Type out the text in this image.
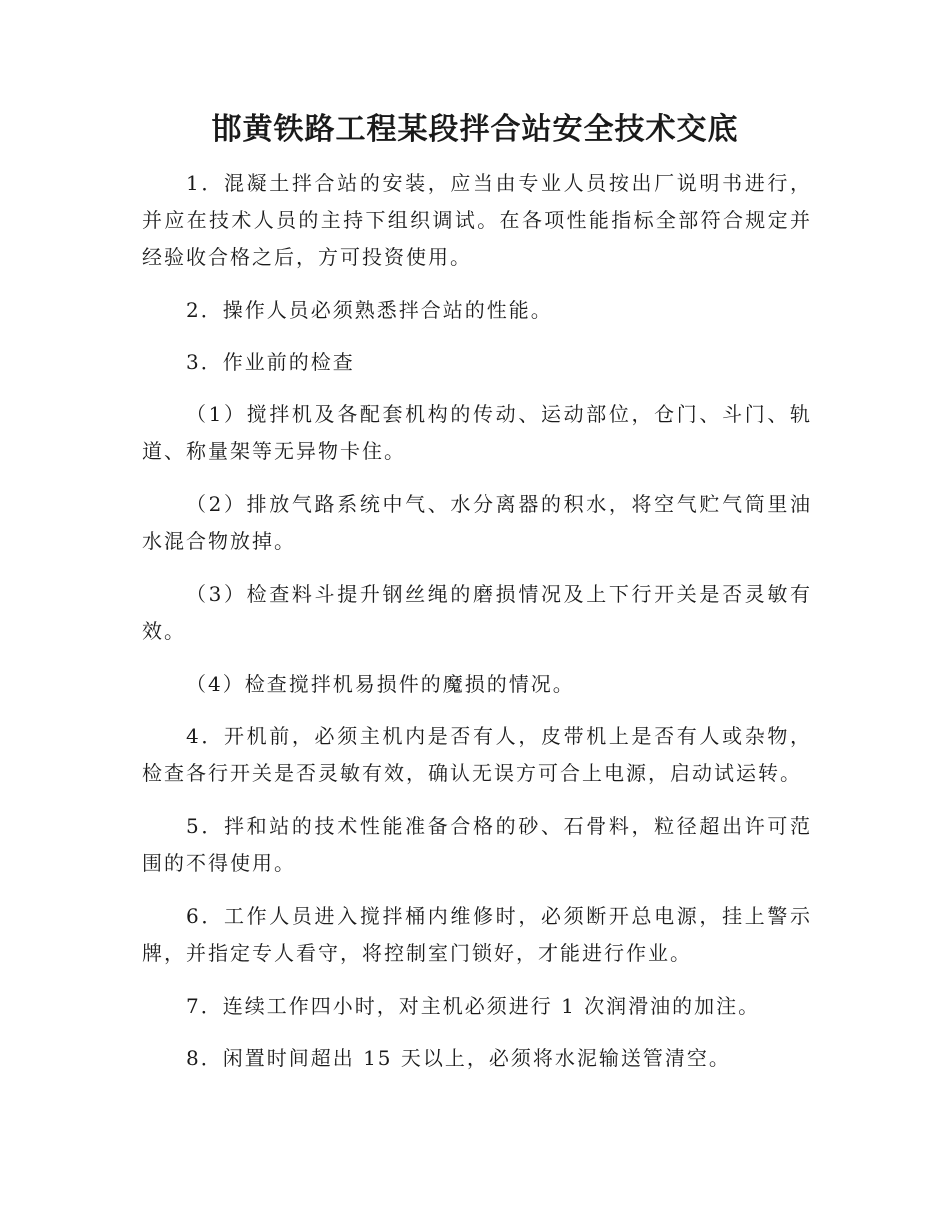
邯黄铁路工程某段拌合站安全技术交底

1．混凝土拌合站的安装，应当由专业人员按出厂说明书进行，并应在技术人员的主持下组织调试。在各项性能指标全部符合规定并经验收合格之后，方可投资使用。

2．操作人员必须熟悉拌合站的性能。

3．作业前的检查

（1）搅拌机及各配套机构的传动、运动部位，仓门、斗门、轨道、称量架等无异物卡住。

（2）排放气路系统中气、水分离器的积水，将空气贮气筒里油水混合物放掉。

（3）检查料斗提升钢丝绳的磨损情况及上下行开关是否灵敏有效。

（4）检查搅拌机易损件的魔损的情况。

4．开机前，必须主机内是否有人，皮带机上是否有人或杂物，检查各行开关是否灵敏有效，确认无误方可合上电源，启动试运转。

5．拌和站的技术性能准备合格的砂、石骨料，粒径超出许可范围的不得使用。

6．工作人员进入搅拌桶内维修时，必须断开总电源，挂上警示牌，并指定专人看守，将控制室门锁好，才能进行作业。

7．连续工作四小时，对主机必须进行 1 次润滑油的加注。

8．闲置时间超出 15 天以上，必须将水泥输送管清空。
